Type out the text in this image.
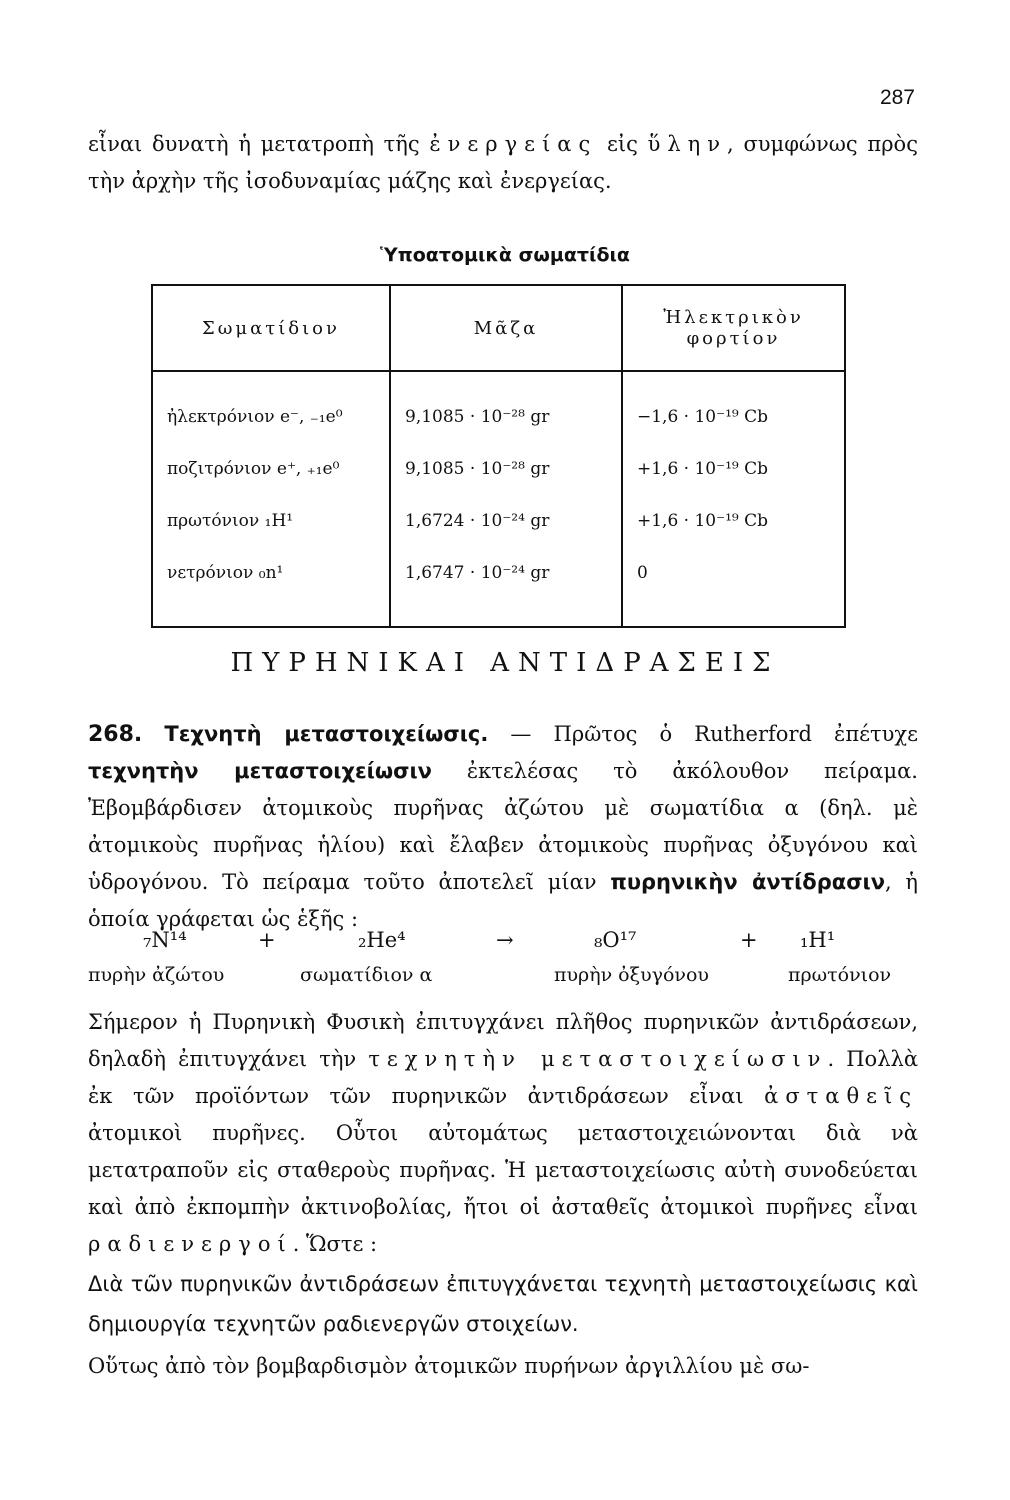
287
εἶναι δυνατὴ ἡ μετατροπὴ τῆς ἐνεργείας εἰς ὕλην, συμφώνως πρὸς τὴν ἀρχὴν τῆς ἰσοδυναμίας μάζης καὶ ἐνεργείας.
Ὑποατομικὰ σωματίδια
Σωματίδιον	Μᾶζα	Ἠλεκτρικὸν φορτίον
ἠλεκτρόνιον e⁻, ₋₁e⁰	9,1085 · 10⁻²⁸ gr	−1,6 · 10⁻¹⁹ Cb
ποζιτρόνιον e⁺, ₊₁e⁰	9,1085 · 10⁻²⁸ gr	+1,6 · 10⁻¹⁹ Cb
πρωτόνιον ₁H¹	1,6724 · 10⁻²⁴ gr	+1,6 · 10⁻¹⁹ Cb
νετρόνιον ₀n¹	1,6747 · 10⁻²⁴ gr	0
ΠΥΡΗΝΙΚΑΙ ΑΝΤΙΔΡΑΣΕΙΣ
268. Τεχνητὴ μεταστοιχείωσις. — Πρῶτος ὁ Rutherford ἐπέτυχε τεχνητὴν μεταστοιχείωσιν ἐκτελέσας τὸ ἀκόλουθον πείραμα. Ἐβομβάρδισεν ἀτομικοὺς πυρῆνας ἀζώτου μὲ σωματίδια α (δηλ. μὲ ἀτομικοὺς πυρῆνας ἡλίου) καὶ ἔλαβεν ἀτομικοὺς πυρῆνας ὀξυγόνου καὶ ὑδρογόνου. Τὸ πείραμα τοῦτο ἀποτελεῖ μίαν πυρηνικὴν ἀντίδρασιν, ἡ ὁποία γράφεται ὡς ἑξῆς :
₇N¹⁴	+	₂He⁴	→	₈O¹⁷	+ ₁H¹
πυρὴν ἀζώτου	σωματίδιον α	πυρὴν ὀξυγόνου	πρωτόνιον
Σήμερον ἡ Πυρηνικὴ Φυσικὴ ἐπιτυγχάνει πλῆθος πυρηνικῶν ἀντιδράσεων, δηλαδὴ ἐπιτυγχάνει τὴν τεχνητὴν μεταστοιχείωσιν. Πολλὰ ἐκ τῶν προϊόντων τῶν πυρηνικῶν ἀντιδράσεων εἶναι ἀσταθεῖς ἀτομικοὶ πυρῆνες. Οὗτοι αὐτομάτως μεταστοιχειώνονται διὰ νὰ μετατραποῦν εἰς σταθεροὺς πυρῆνας. Ἡ μεταστοιχείωσις αὐτὴ συνοδεύεται καὶ ἀπὸ ἐκπομπὴν ἀκτινοβολίας, ἤτοι οἱ ἀσταθεῖς ἀτομικοὶ πυρῆνες εἶναι ραδιενεργοί. Ὥστε :
Διὰ τῶν πυρηνικῶν ἀντιδράσεων ἐπιτυγχάνεται τεχνητὴ μεταστοιχείωσις καὶ δημιουργία τεχνητῶν ραδιενεργῶν στοιχείων.
Οὕτως ἀπὸ τὸν βομβαρδισμὸν ἀτομικῶν πυρήνων ἀργιλλίου μὲ σω-
